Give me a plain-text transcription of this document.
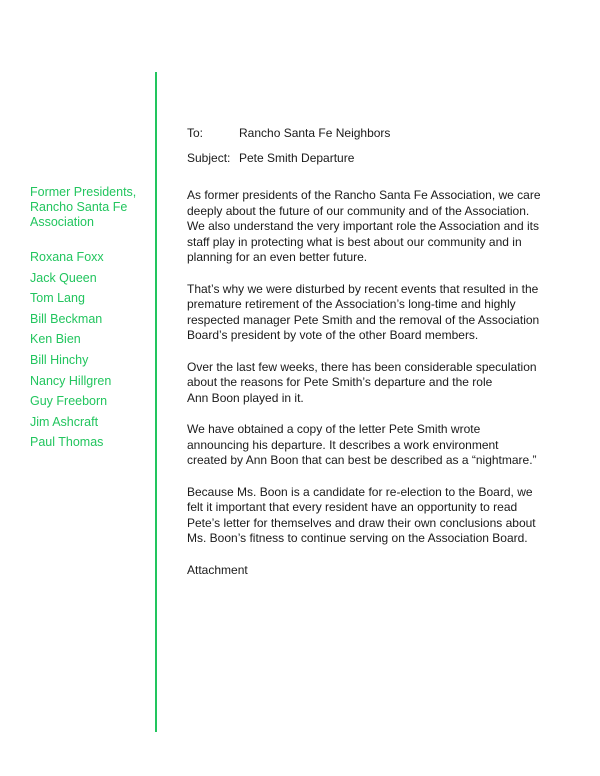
Former Presidents,
Rancho Santa Fe
Association
Roxana Foxx
Jack Queen
Tom Lang
Bill Beckman
Ken Bien
Bill Hinchy
Nancy Hillgren
Guy Freeborn
Jim Ashcraft
Paul Thomas
To:	Rancho Santa Fe Neighbors
Subject: Pete Smith Departure
As former presidents of the Rancho Santa Fe Association, we care
deeply about the future of our community and of the Association.
We also understand the very important role the Association and its
staff play in protecting what is best about our community and in
planning for an even better future.
That’s why we were disturbed by recent events that resulted in the
premature retirement of the Association’s long-time and highly
respected manager Pete Smith and the removal of the Association
Board’s president by vote of the other Board members.
Over the last few weeks, there has been considerable speculation
about the reasons for Pete Smith’s departure and the role
Ann Boon played in it.
We have obtained a copy of the letter Pete Smith wrote
announcing his departure. It describes a work environment
created by Ann Boon that can best be described as a “nightmare.”
Because Ms. Boon is a candidate for re-election to the Board, we
felt it important that every resident have an opportunity to read
Pete’s letter for themselves and draw their own conclusions about
Ms. Boon’s fitness to continue serving on the Association Board.
Attachment
